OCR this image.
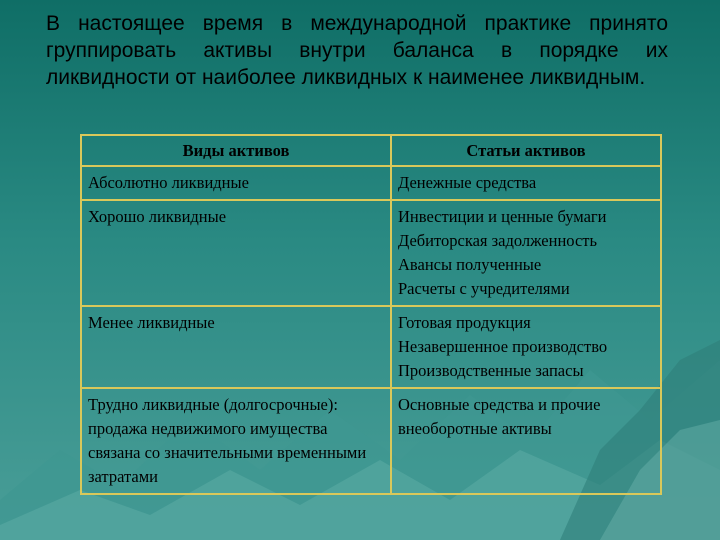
В настоящее время в международной практике принято группировать активы внутри баланса в порядке их ликвидности от наиболее ликвидных к наименее ликвидным.
Виды активов	Статьи активов
Абсолютно ликвидные	Денежные средства

Хорошо ликвидные	Инвестиции и ценные бумаги
Дебиторская задолженность
Авансы полученные
Расчеты с учредителями

Менее ликвидные	Готовая продукция
Незавершенное производство
Производственные запасы

Трудно ликвидные (долгосрочные): продажа недвижимого имущества связана со значительными временными затратами	Основные средства и прочие внеоборотные активы
